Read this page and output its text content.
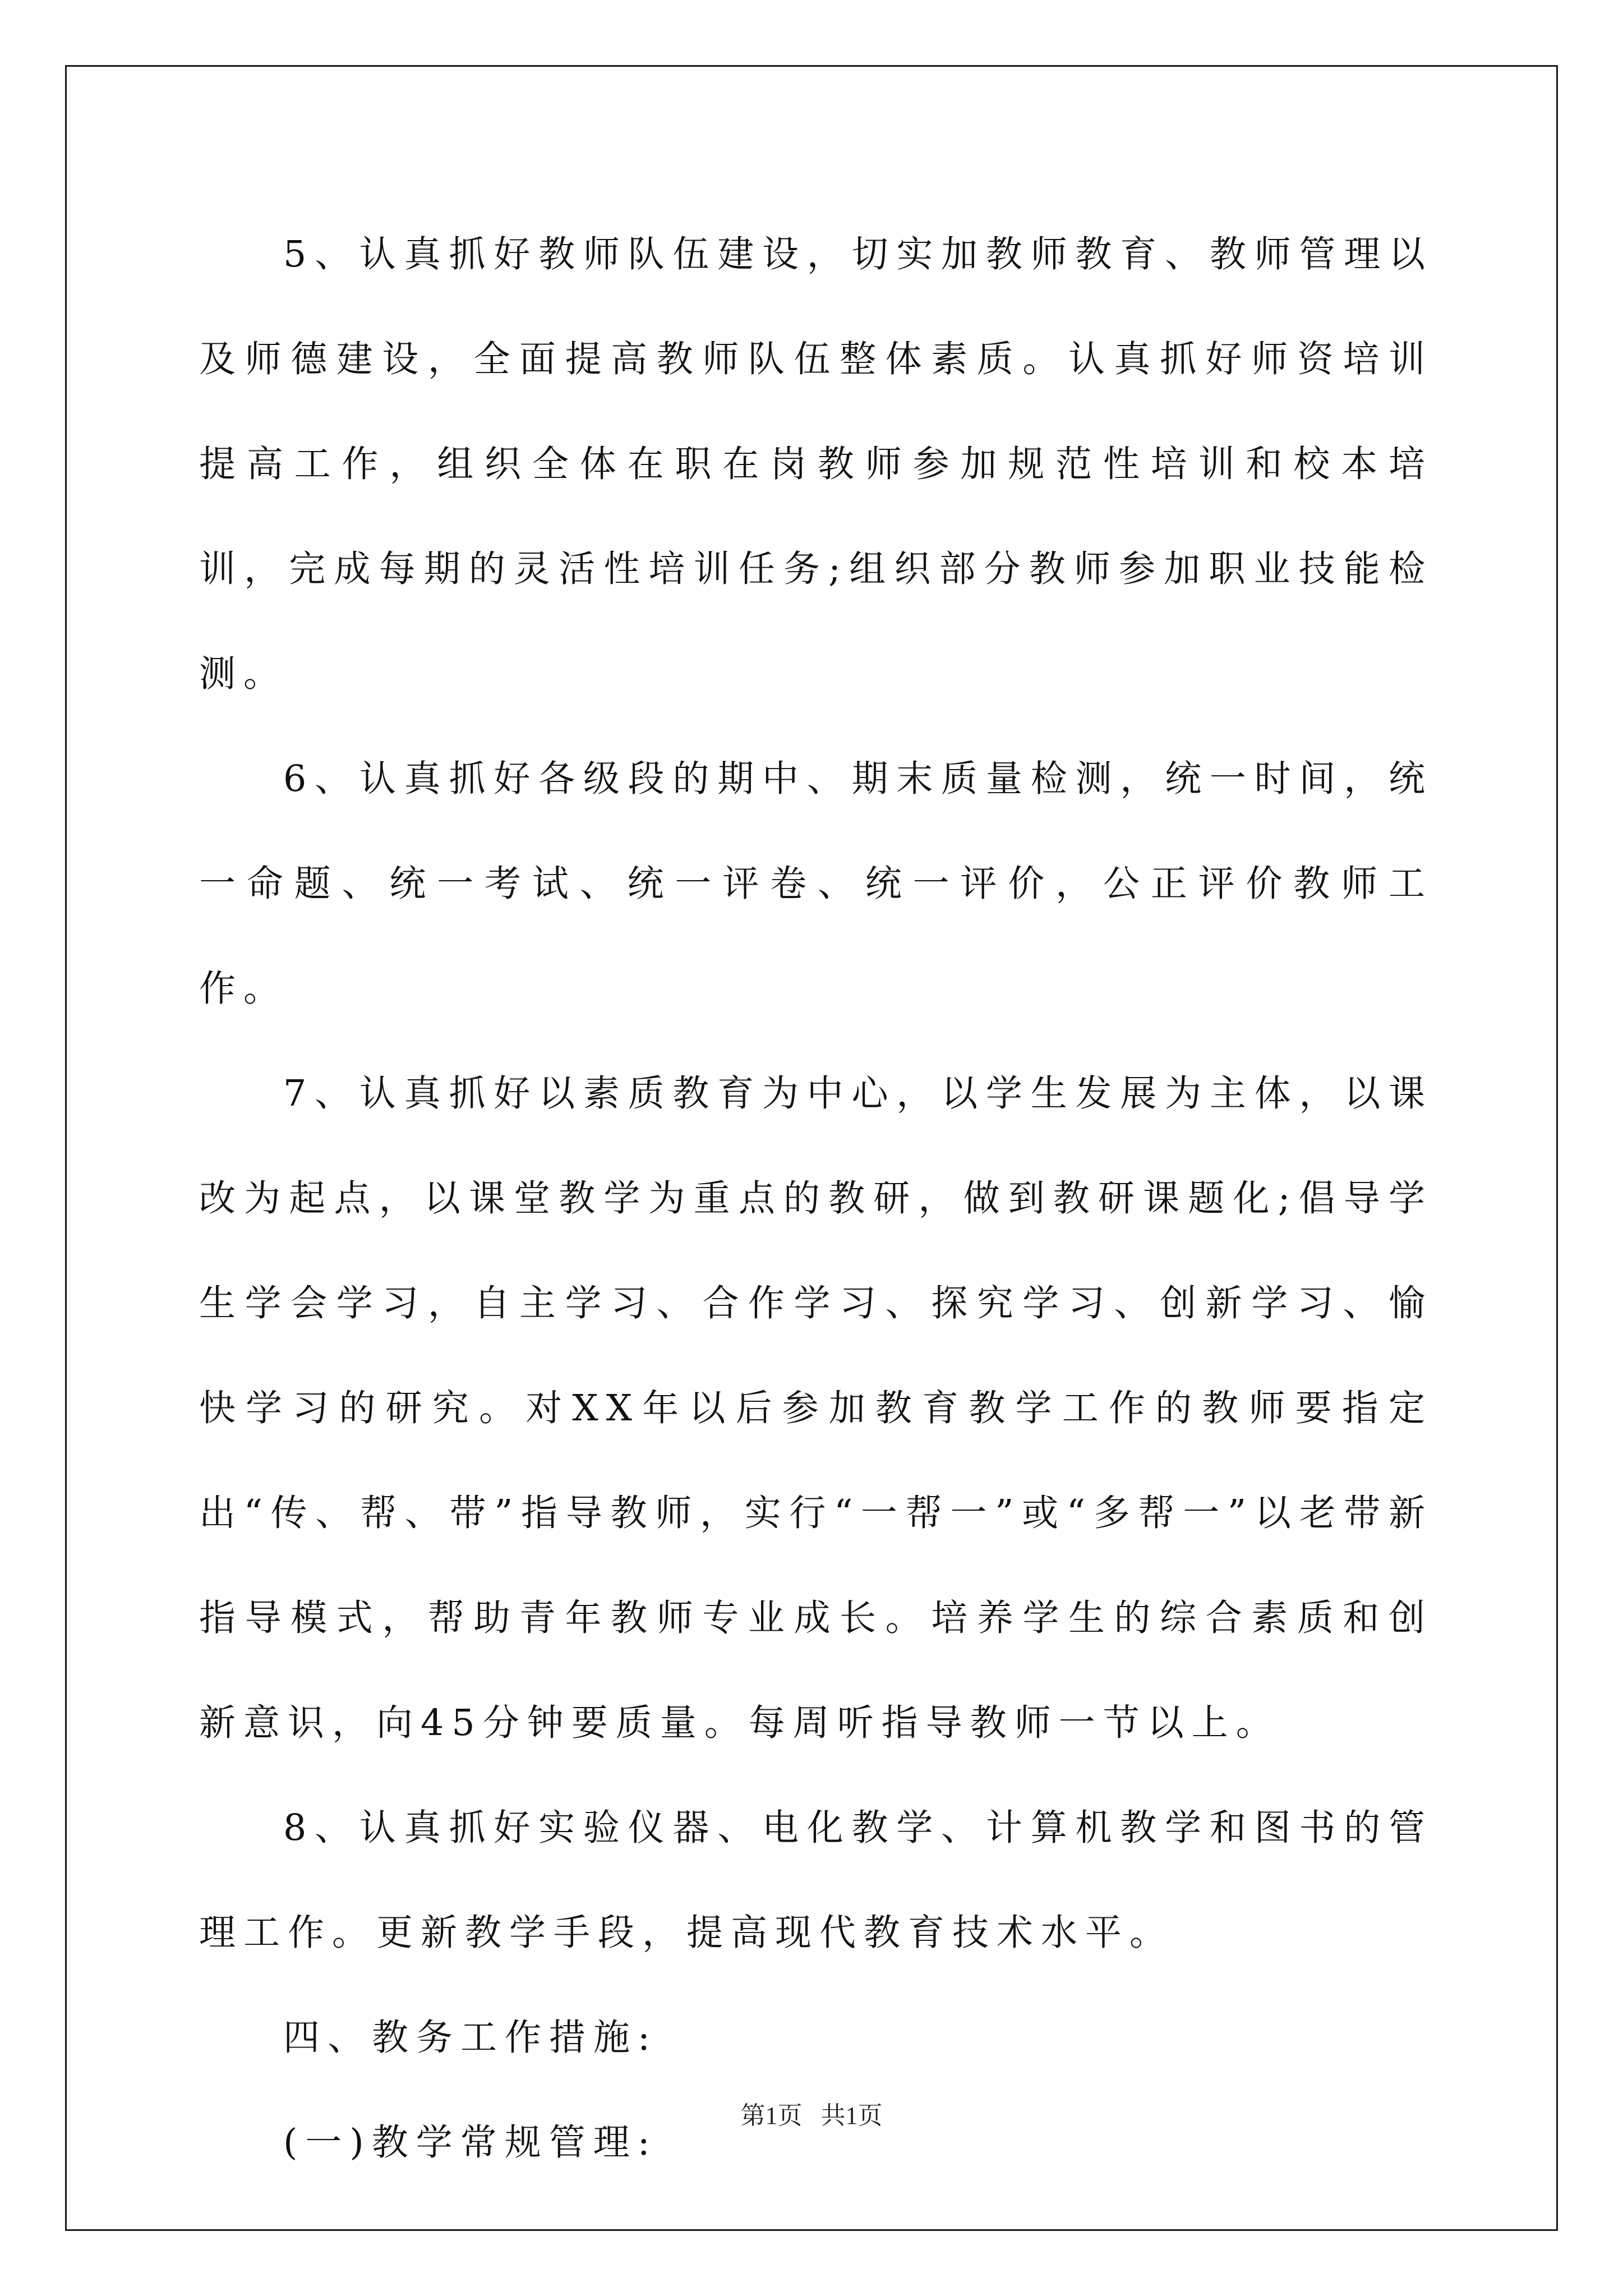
5、认真抓好教师队伍建设，切实加教师教育、教师管理以及师德建设，全面提高教师队伍整体素质。认真抓好师资培训提高工作，组织全体在职在岗教师参加规范性培训和校本培训，完成每期的灵活性培训任务;组织部分教师参加职业技能检测。

6、认真抓好各级段的期中、期末质量检测，统一时间，统一命题、统一考试、统一评卷、统一评价，公正评价教师工作。

7、认真抓好以素质教育为中心，以学生发展为主体，以课改为起点，以课堂教学为重点的教研，做到教研课题化;倡导学生学会学习，自主学习、合作学习、探究学习、创新学习、愉快学习的研究。对XX年以后参加教育教学工作的教师要指定出“传、帮、带”指导教师，实行“一帮一”或“多帮一”以老带新指导模式，帮助青年教师专业成长。培养学生的综合素质和创新意识，向45分钟要质量。每周听指导教师一节以上。

8、认真抓好实验仪器、电化教学、计算机教学和图书的管理工作。更新教学手段，提高现代教育技术水平。

四、教务工作措施:

(一)教学常规管理:

第1页   共1页
